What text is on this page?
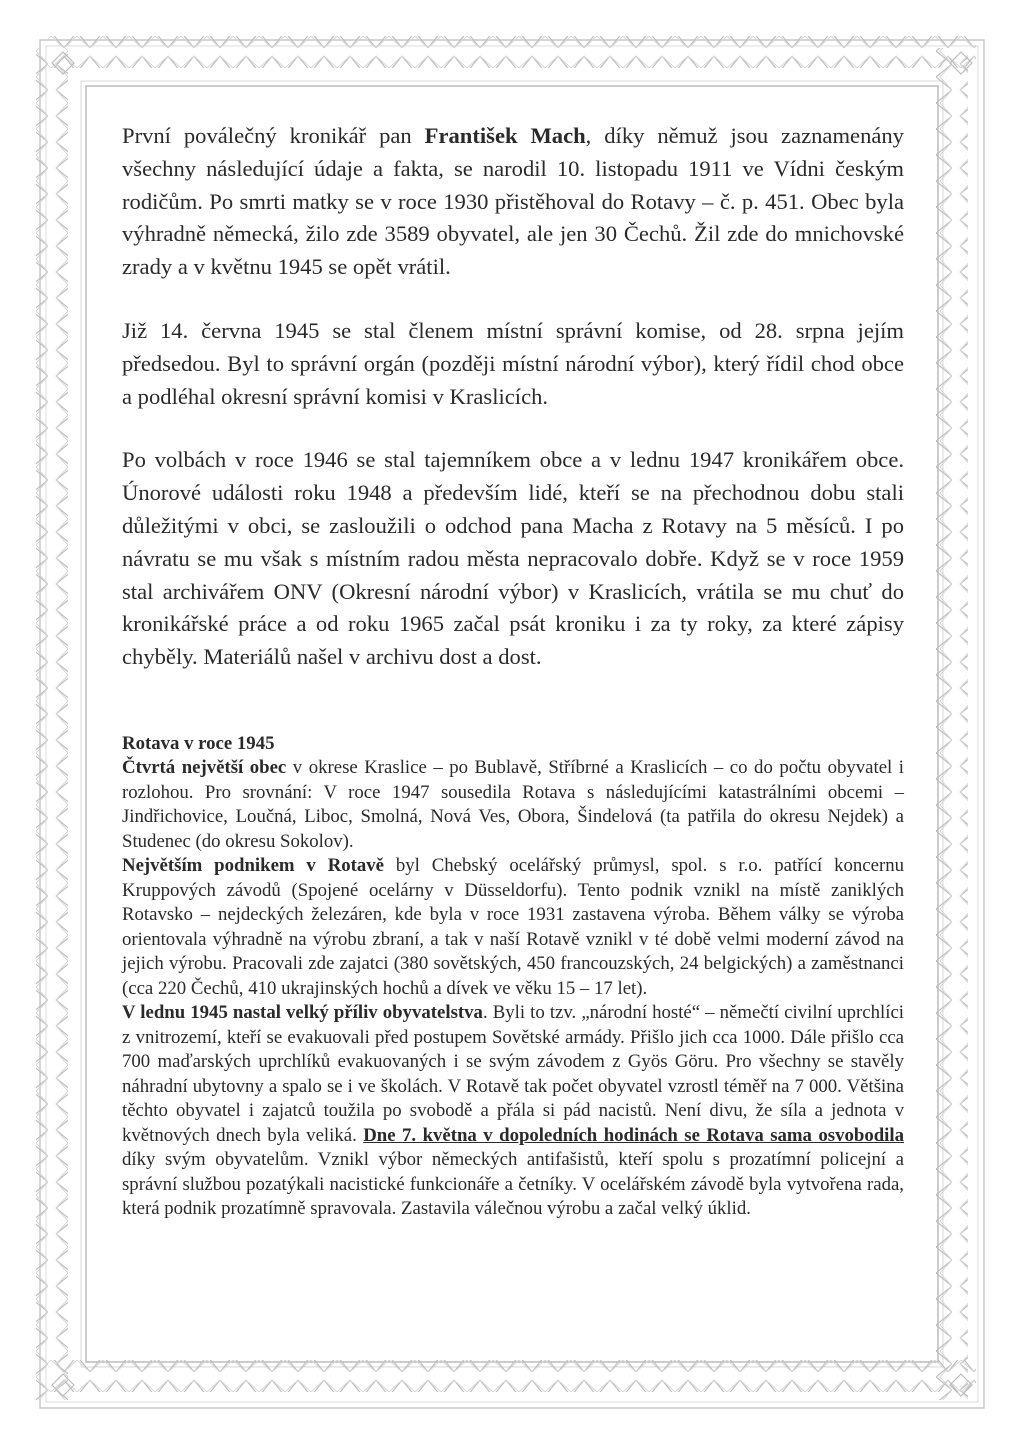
První poválečný kronikář pan František Mach, díky němuž jsou zaznamenány všechny následující údaje a fakta, se narodil 10. listopadu 1911 ve Vídni českým rodičům. Po smrti matky se v roce 1930 přistěhoval do Rotavy – č. p. 451. Obec byla výhradně německá, žilo zde 3589 obyvatel, ale jen 30 Čechů. Žil zde do mnichovské zrady a v květnu 1945 se opět vrátil.

Již 14. června 1945 se stal členem místní správní komise, od 28. srpna jejím předsedou. Byl to správní orgán (později místní národní výbor), který řídil chod obce a podléhal okresní správní komisi v Kraslicích.

Po volbách v roce 1946 se stal tajemníkem obce a v lednu 1947 kronikářem obce. Únorové události roku 1948 a především lidé, kteří se na přechodnou dobu stali důležitými v obci, se zasloužili o odchod pana Macha z Rotavy na 5 měsíců. I po návratu se mu však s místním radou města nepracovalo dobře. Když se v roce 1959 stal archivářem ONV (Okresní národní výbor) v Kraslicích, vrátila se mu chuť do kronikářské práce a od roku 1965 začal psát kroniku i za ty roky, za které zápisy chyběly. Materiálů našel v archivu dost a dost.

Rotava v roce 1945

Čtvrtá největší obec v okrese Kraslice – po Bublavě, Stříbrné a Kraslicích – co do počtu obyvatel i rozlohou. Pro srovnání: V roce 1947 sousedila Rotava s následujícími katastrálními obcemi – Jindřichovice, Loučná, Liboc, Smolná, Nová Ves, Obora, Šindelová (ta patřila do okresu Nejdek) a Studenec (do okresu Sokolov).

Největším podnikem v Rotavě byl Chebský ocelářský průmysl, spol. s r.o. patřící koncernu Kruppových závodů (Spojené ocelárny v Düsseldorfu). Tento podnik vznikl na místě zaniklých Rotavsko – nejdeckých železáren, kde byla v roce 1931 zastavena výroba. Během války se výroba orientovala výhradně na výrobu zbraní, a tak v naší Rotavě vznikl v té době velmi moderní závod na jejich výrobu. Pracovali zde zajatci (380 sovětských, 450 francouzských, 24 belgických) a zaměstnanci (cca 220 Čechů, 410 ukrajinských hochů a dívek ve věku 15 – 17 let).

V lednu 1945 nastal velký příliv obyvatelstva. Byli to tzv. „národní hosté“ – němečtí civilní uprchlíci z vnitrozemí, kteří se evakuovali před postupem Sovětské armády. Přišlo jich cca 1000. Dále přišlo cca 700 maďarských uprchlíků evakuovaných i se svým závodem z Gyös Göru. Pro všechny se stavěly náhradní ubytovny a spalo se i ve školách. V Rotavě tak počet obyvatel vzrostl téměř na 7 000. Většina těchto obyvatel i zajatců toužila po svobodě a přála si pád nacistů. Není divu, že síla a jednota v květnových dnech byla veliká. Dne 7. května v dopoledních hodinách se Rotava sama osvobodila díky svým obyvatelům. Vznikl výbor německých antifašistů, kteří spolu s prozatímní policejní a správní službou pozatýkali nacistické funkcionáře a četníky. V ocelářském závodě byla vytvořena rada, která podnik prozatímně spravovala. Zastavila válečnou výrobu a začal velký úklid.
